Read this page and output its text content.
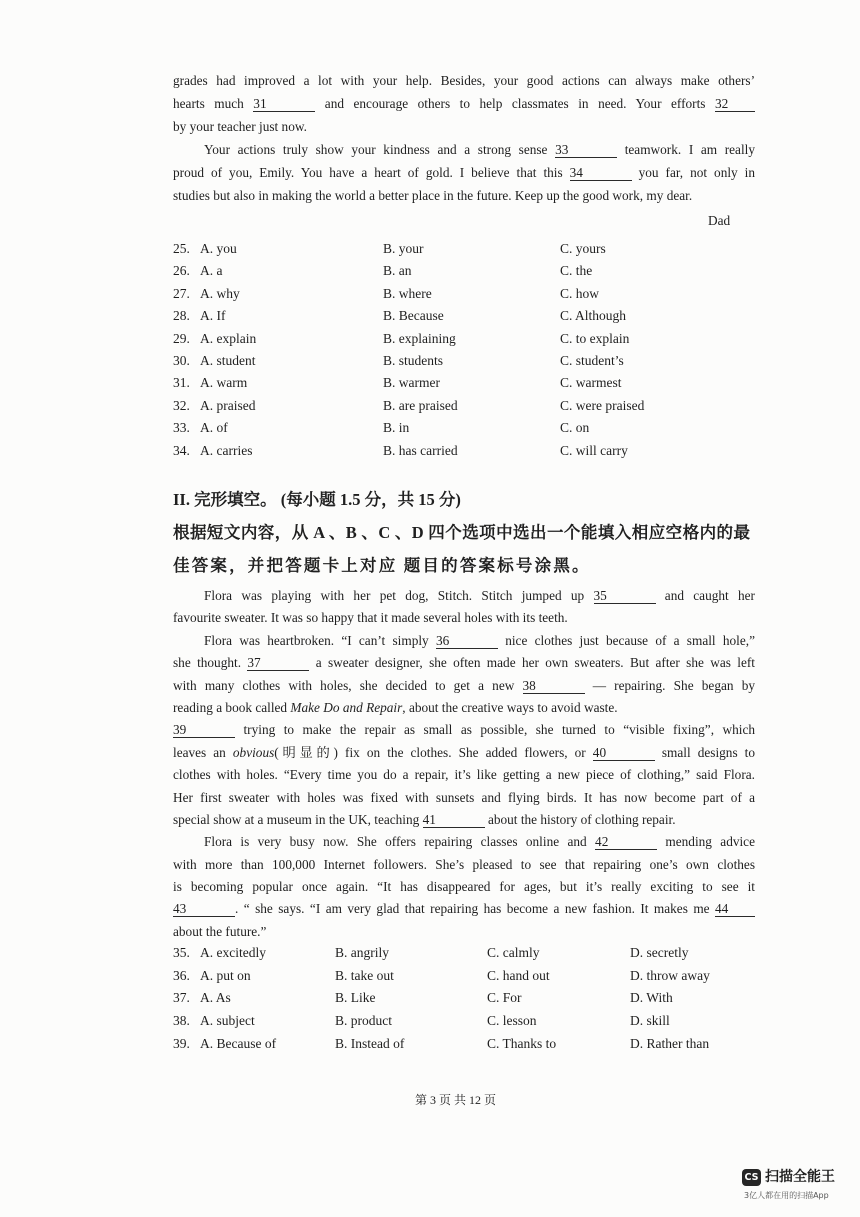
grades had improved a lot with your help. Besides, your good actions can always make others’
hearts much 31	and encourage others to help classmates in need. Your efforts 32
by your teacher just now.
Your actions truly show your kindness and a strong sense 33	teamwork. I am really
proud of you, Emily. You have a heart of gold. I believe that this 34	you far, not only in
studies but also in making the world a better place in the future. Keep up the good work, my dear.
Dad
25. A. you	B. your	C. yours
26. A. a	B. an	C. the
27. A. why	B. where	C. how
28. A. If	B. Because	C. Although
29. A. explain	B. explaining	C. to explain
30. A. student	B. students	C. student’s
31. A. warm	B. warmer	C. warmest
32. A. praised	B. are praised	C. were praised
33. A. of	B. in	C. on
34. A. carries	B. has carried	C. will carry
II. 完形填空。 (每小题 1.5 分，共 15 分)
根据短文内容，从 A 、B 、C 、D 四个选项中选出一个能填入相应空格内的最
佳答案，并把答题卡上对应 题目的答案标号涂黑。
Flora was playing with her pet dog, Stitch. Stitch jumped up 35	and caught her
favourite sweater. It was so happy that it made several holes with its teeth.
Flora was heartbroken. “I can’t simply 36	nice clothes just because of a small hole,”
she thought. 37	a sweater designer, she often made her own sweaters. But after she was left
with many clothes with holes, she decided to get a new 38	— repairing. She began by
reading a book called Make Do and Repair, about the creative ways to avoid waste.
39	trying to make the repair as small as possible, she turned to “visible fixing”, which
leaves an obvious(明显的) fix on the clothes. She added flowers, or 40	small designs to
clothes with holes. “Every time you do a repair, it’s like getting a new piece of clothing,” said Flora.
Her first sweater with holes was fixed with sunsets and flying birds. It has now become part of a
special show at a museum in the UK, teaching 41	about the history of clothing repair.
Flora is very busy now. She offers repairing classes online and 42	mending advice
with more than 100,000 Internet followers. She’s pleased to see that repairing one’s own clothes
is becoming popular once again. “It has disappeared for ages, but it’s really exciting to see it
43	. “ she says. “I am very glad that repairing has become a new fashion. It makes me 44
about the future.”
35. A. excitedly	B. angrily	C. calmly	D. secretly
36. A. put on	B. take out	C. hand out	D. throw away
37. A. As	B. Like	C. For	D. With
38. A. subject	B. product	C. lesson	D. skill
39. A. Because of	B. Instead of	C. Thanks to	D. Rather than
第 3 页 共 12 页
CS 扫描全能王
3亿人都在用的扫描App
